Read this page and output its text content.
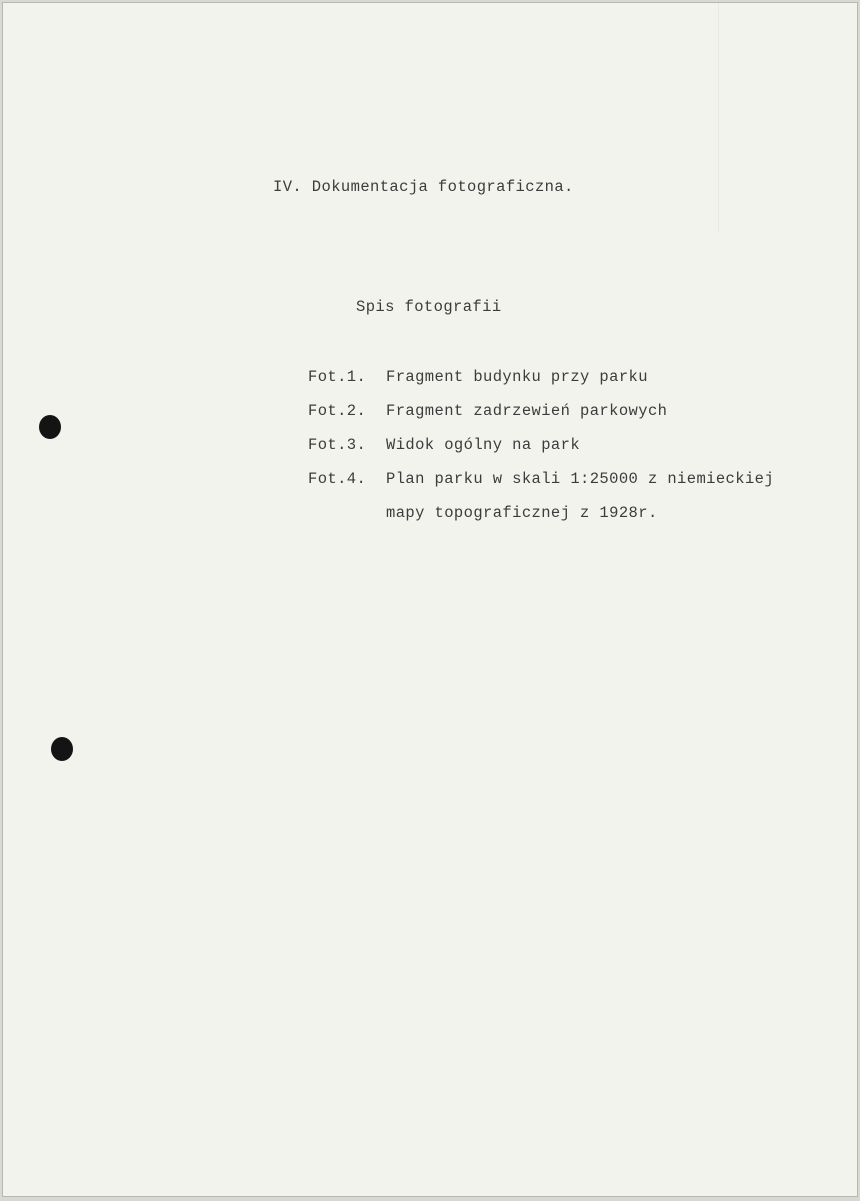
IV. Dokumentacja fotograficzna.
Spis fotografii
Fot.1. Fragment budynku przy parku
Fot.2. Fragment zadrzewień parkowych
Fot.3. Widok ogólny na park
Fot.4. Plan parku w skali 1:25000 z niemieckiej
mapy topograficznej z 1928r.
